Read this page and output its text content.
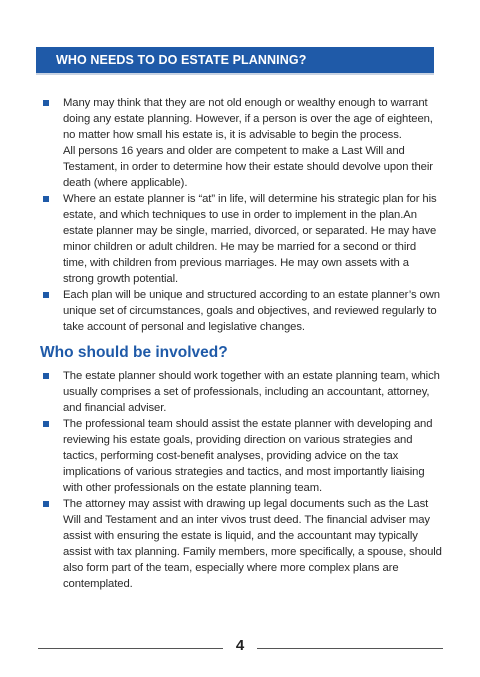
WHO NEEDS TO DO ESTATE PLANNING?

Many may think that they are not old enough or wealthy enough to warrant doing any estate planning. However, if a person is over the age of eighteen, no matter how small his estate is, it is advisable to begin the process.

All persons 16 years and older are competent to make a Last Will and Testament, in order to determine how their estate should devolve upon their death (where applicable).

Where an estate planner is “at” in life, will determine his strategic plan for his estate, and which techniques to use in order to implement in the plan.An estate planner may be single, married, divorced, or separated. He may have minor children or adult children. He may be married for a second or third time, with children from previous marriages. He may own assets with a strong growth potential.

Each plan will be unique and structured according to an estate planner’s own unique set of circumstances, goals and objectives, and reviewed regularly to take account of personal and legislative changes.

Who should be involved?

The estate planner should work together with an estate planning team, which usually comprises a set of professionals, including an accountant, attorney, and financial adviser.

The professional team should assist the estate planner with developing and reviewing his estate goals, providing direction on various strategies and tactics, performing cost-benefit analyses, providing advice on the tax implications of various strategies and tactics, and most importantly liaising with other professionals on the estate planning team.

The attorney may assist with drawing up legal documents such as the Last Will and Testament and an inter vivos trust deed. The financial adviser may assist with ensuring the estate is liquid, and the accountant may typically assist with tax planning. Family members, more specifically, a spouse, should also form part of the team, especially where more complex plans are contemplated.

4
